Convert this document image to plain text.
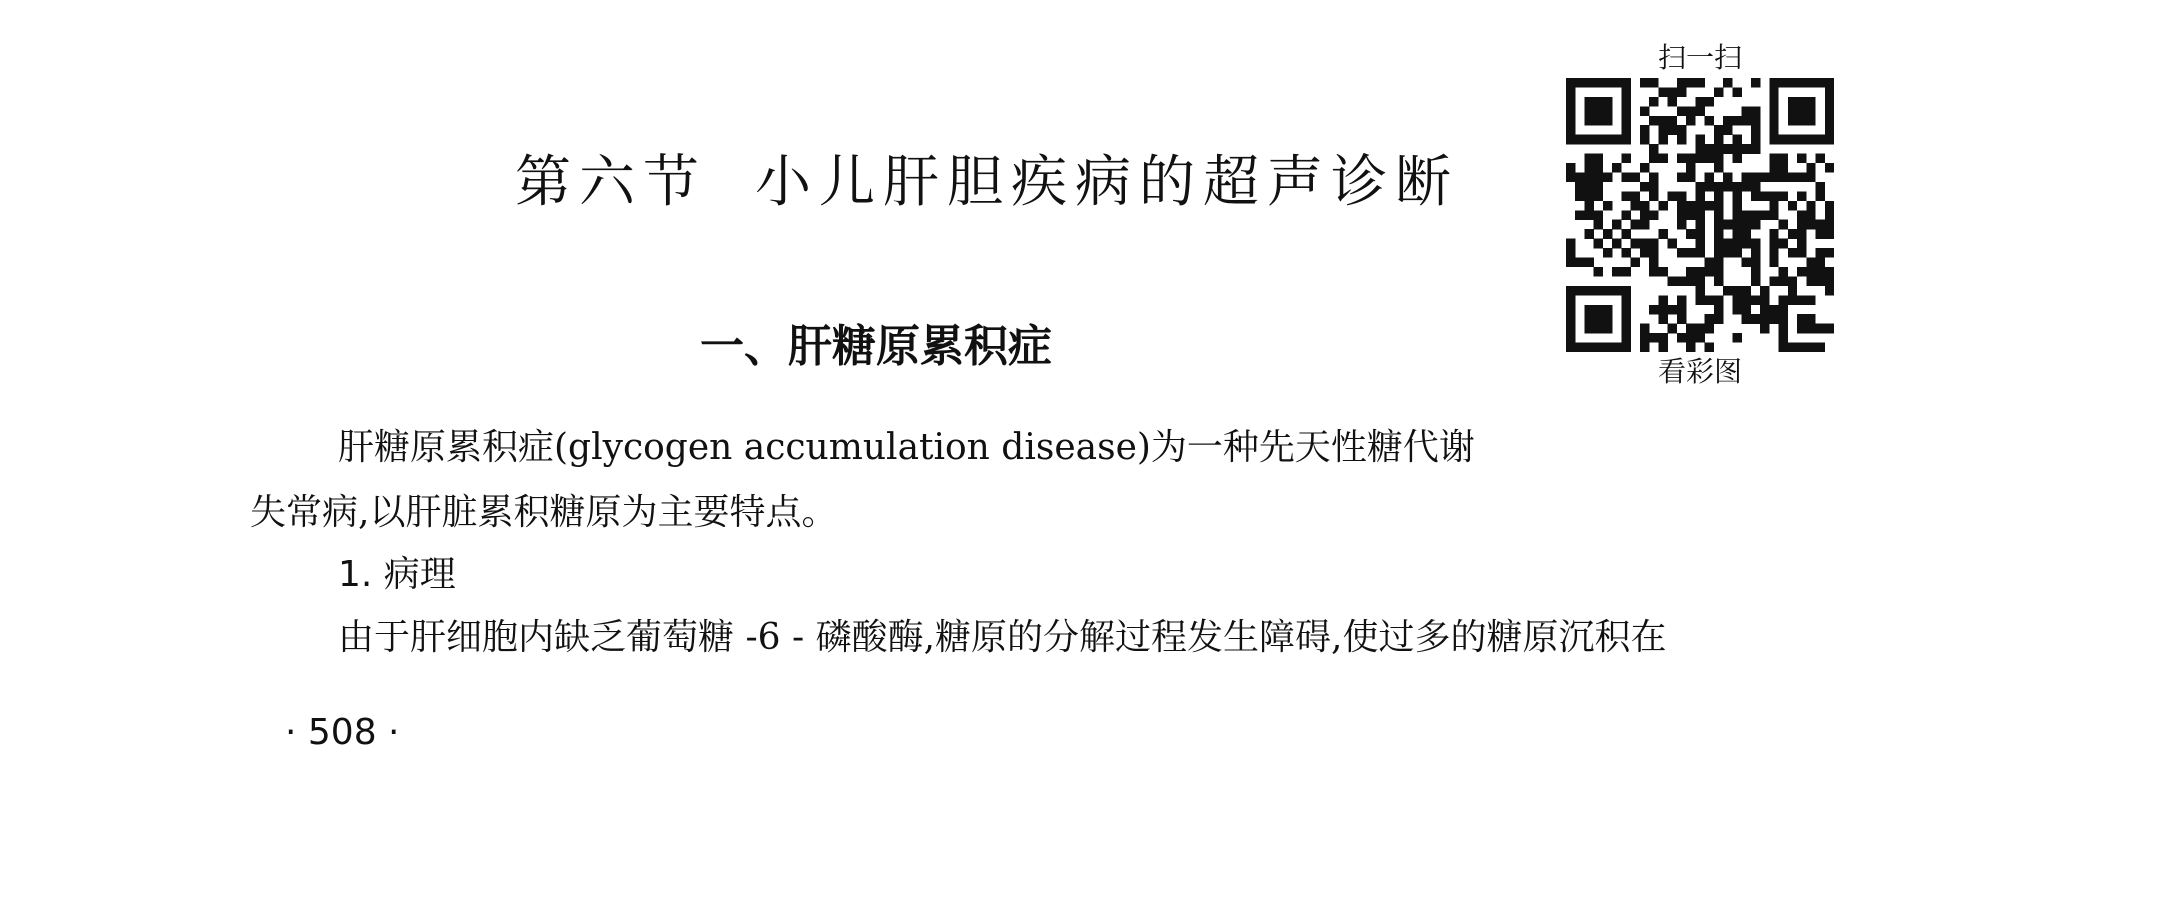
第六节 小儿肝胆疾病的超声诊断
一、肝糖原累积症
肝糖原累积症(glycogen accumulation disease)为一种先天性糖代谢
失常病,以肝脏累积糖原为主要特点。
1. 病理
由于肝细胞内缺乏葡萄糖 -6 - 磷酸酶,糖原的分解过程发生障碍,使过多的糖原沉积在
· 508 ·
扫一扫
看彩图
